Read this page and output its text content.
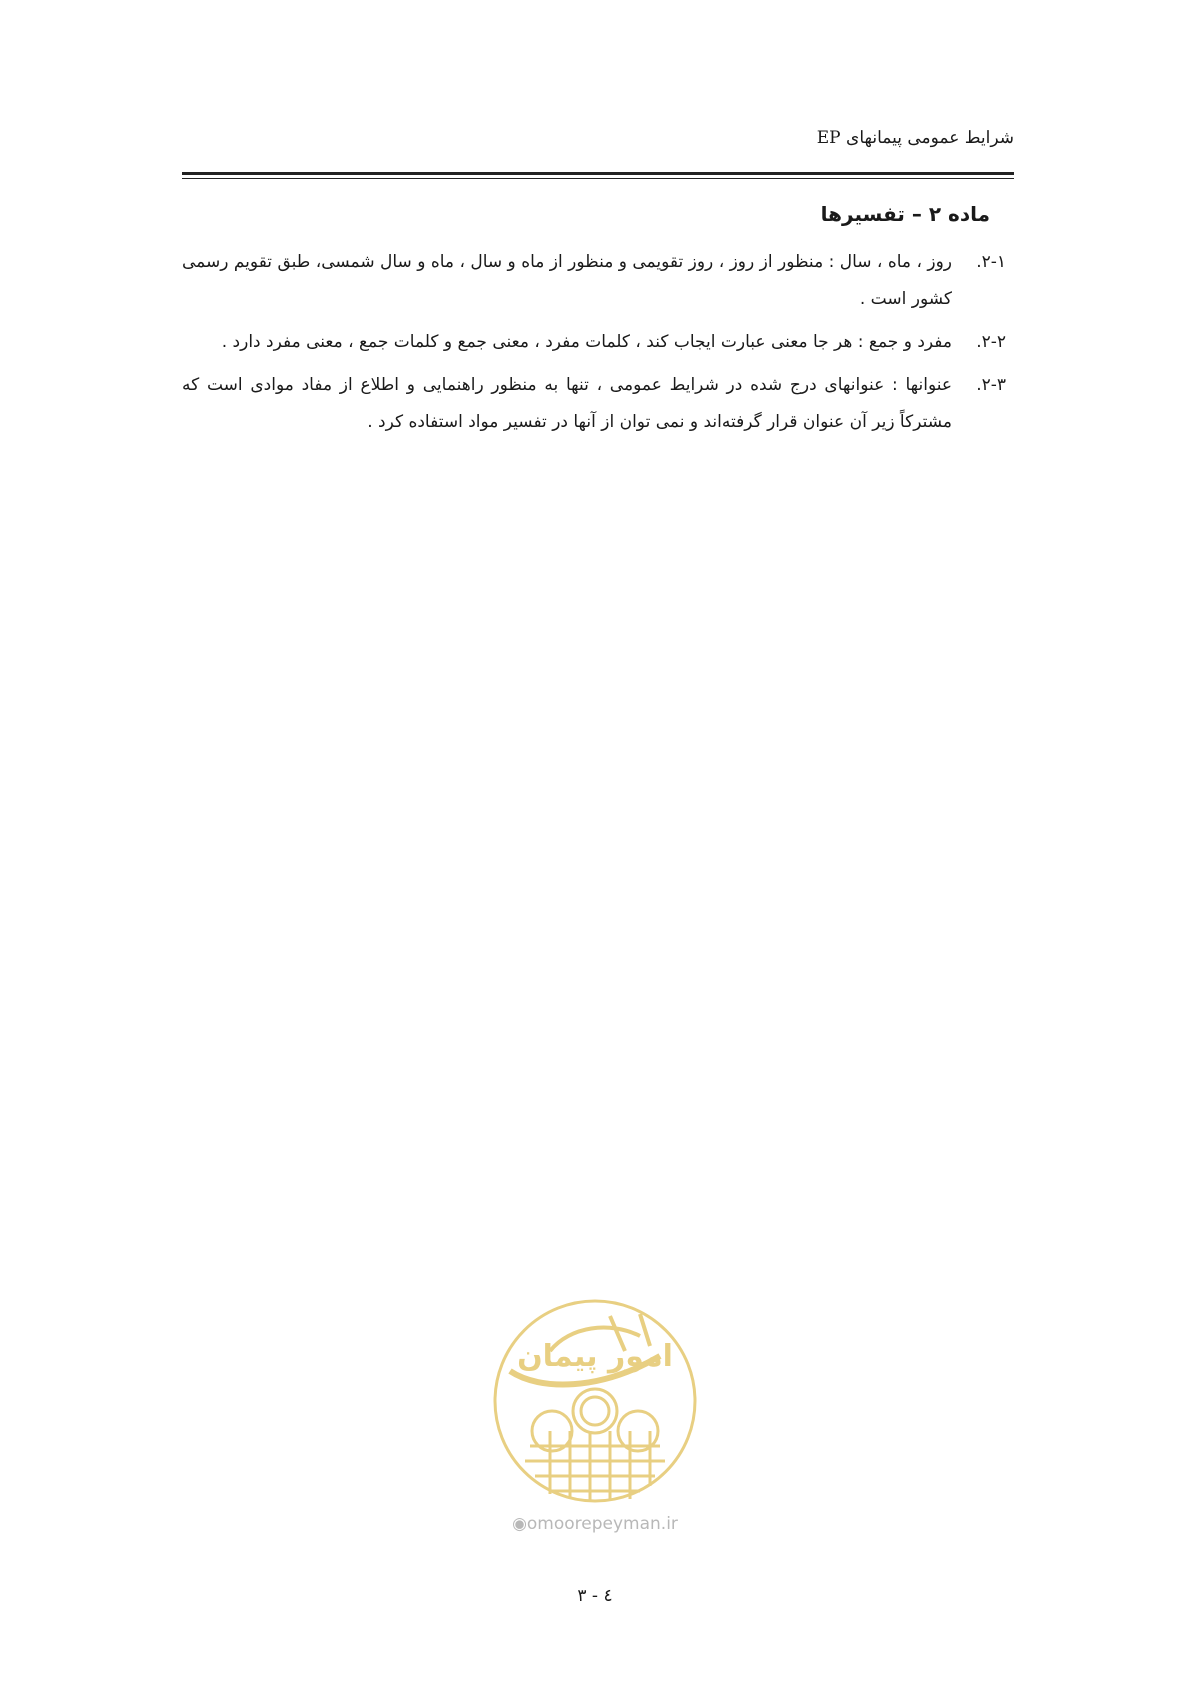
شرایط عمومی پیمانهای EP
ماده ۲ – تفسیرها
۲-۱.
روز ، ماه ، سال : منظور از روز ، روز تقویمی و منظور از ماه و سال ، ماه و سال شمسی، طبق تقویم رسمی کشور است .
۲-۲.
مفرد و جمع : هر جا معنی عبارت ایجاب کند ، کلمات مفرد ، معنی جمع و کلمات جمع ، معنی مفرد دارد .
۲-۳.
عنوانها : عنوانهای درج شده در شرایط عمومی ، تنها به منظور راهنمایی و اطلاع از مفاد موادی است که مشترکاً زیر آن عنوان قرار گرفته‌اند و نمی توان از آنها در تفسیر مواد استفاده کرد .
امور پیمان
◉omoorepeyman.ir
۳ - ٤
